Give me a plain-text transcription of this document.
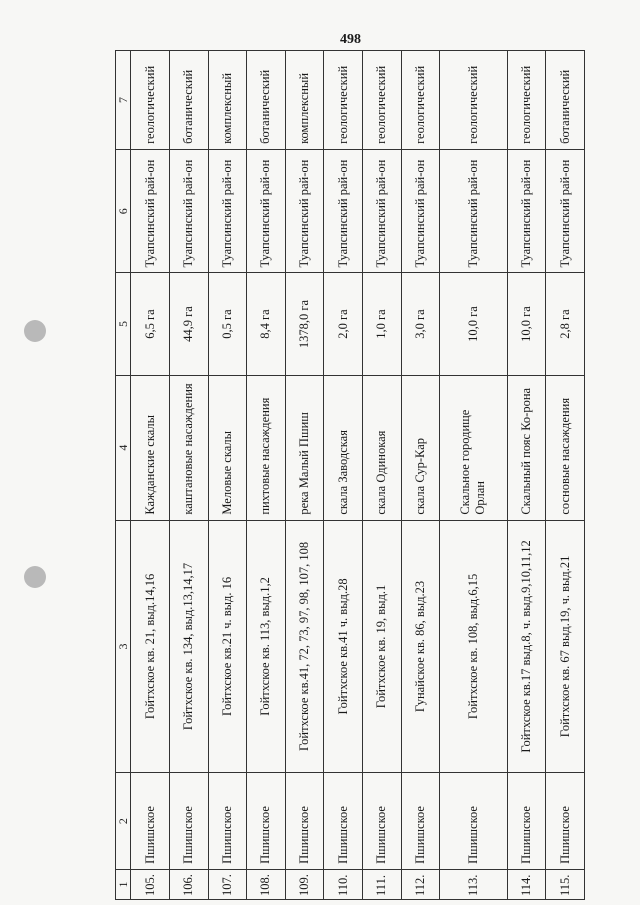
498
1	2	3	4	5	6	7
105.	Пшишское	Гойтхское кв. 21, выд.14,16	Кажданские скалы	6,5 га	Туапсинский рай-он	геологический
106.	Пшишское	Гойтхское кв. 134, выд.13,14,17	каштановые насаждения	44,9 га	Туапсинский рай-он	ботанический
107.	Пшишское	Гойтхское кв.21 ч. выд. 16	Меловые скалы	0,5 га	Туапсинский рай-он	комплексный
108.	Пшишское	Гойтхское кв. 113, выд.1,2	пихтовые насаждения	8,4 га	Туапсинский рай-он	ботанический
109.	Пшишское	Гойтхское кв.41, 72, 73, 97, 98, 107, 108	река Малый Пшиш	1378,0 га	Туапсинский рай-он	комплексный
110.	Пшишское	Гойтхское кв.41 ч. выд.28	скала Заводская	2,0 га	Туапсинский рай-он	геологический
111.	Пшишское	Гойтхское кв. 19, выд.1	скала Одинокая	1,0 га	Туапсинский рай-он	геологический
112.	Пшишское	Гунайское кв. 86, выд.23	скала Сур-Кар	3,0 га	Туапсинский рай-он	геологический
113.	Пшишское	Гойтхское кв. 108, выд.6,15	Скальное городище Орлан	10,0 га	Туапсинский рай-он	геологический
114.	Пшишское	Гойтхское кв.17 выд.8, ч. выд.9,10,11,12	Скальный пояс Ко-рона	10,0 га	Туапсинский рай-он	геологический
115.	Пшишское	Гойтхское кв. 67 выд.19, ч. выд.21	сосновые насаждения	2,8 га	Туапсинский рай-он	ботанический
